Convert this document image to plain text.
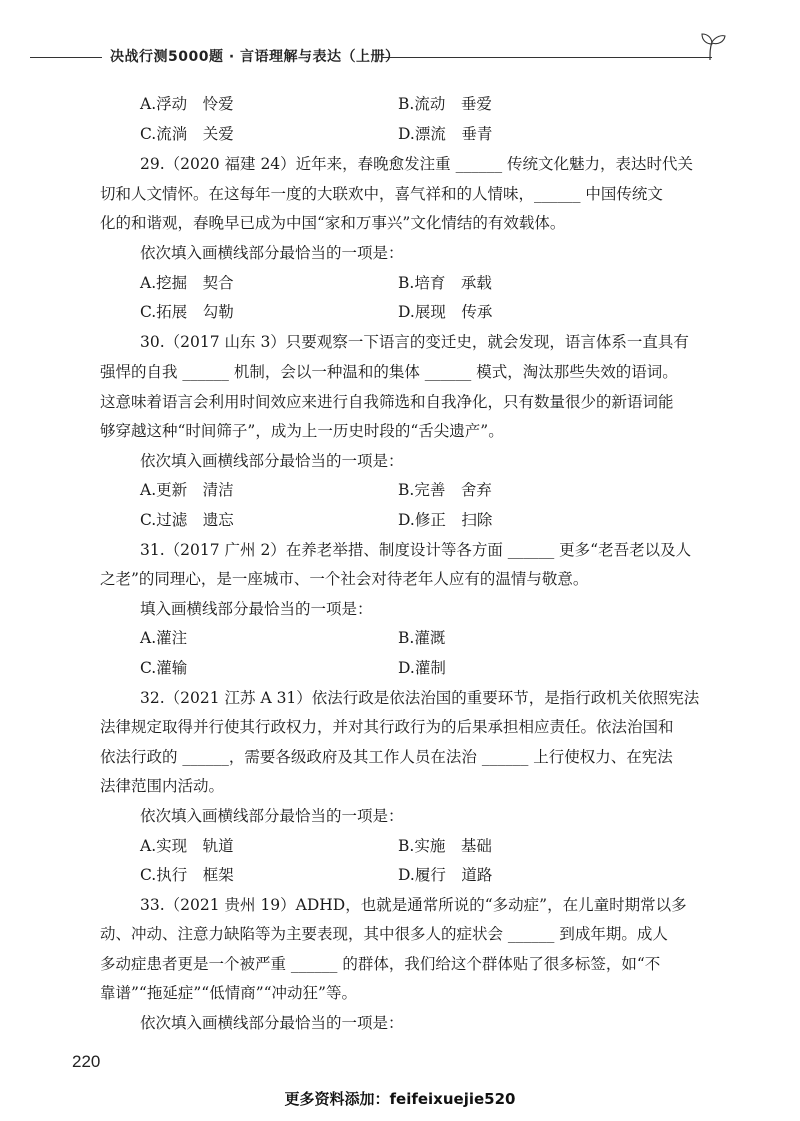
决战行测5000题 · 言语理解与表达（上册）
A.浮动　怜爱	B.流动　垂爱
C.流淌　关爱	D.漂流　垂青
29.（2020 福建 24）近年来，春晚愈发注重 ______ 传统文化魅力，表达时代关
切和人文情怀。在这每年一度的大联欢中，喜气祥和的人情味，______ 中国传统文
化的和谐观，春晚早已成为中国“家和万事兴”文化情结的有效载体。
依次填入画横线部分最恰当的一项是：
A.挖掘　契合	B.培育　承载
C.拓展　勾勒	D.展现　传承
30.（2017 山东 3）只要观察一下语言的变迁史，就会发现，语言体系一直具有
强悍的自我 ______ 机制，会以一种温和的集体 ______ 模式，淘汰那些失效的语词。
这意味着语言会利用时间效应来进行自我筛选和自我净化，只有数量很少的新语词能
够穿越这种“时间筛子”，成为上一历史时段的“舌尖遗产”。
依次填入画横线部分最恰当的一项是：
A.更新　清洁	B.完善　舍弃
C.过滤　遗忘	D.修正　扫除
31.（2017 广州 2）在养老举措、制度设计等各方面 ______ 更多“老吾老以及人
之老”的同理心，是一座城市、一个社会对待老年人应有的温情与敬意。
填入画横线部分最恰当的一项是：
A.灌注	B.灌溉
C.灌输	D.灌制
32.（2021 江苏 A 31）依法行政是依法治国的重要环节，是指行政机关依照宪法
法律规定取得并行使其行政权力，并对其行政行为的后果承担相应责任。依法治国和
依法行政的 ______，需要各级政府及其工作人员在法治 ______ 上行使权力、在宪法
法律范围内活动。
依次填入画横线部分最恰当的一项是：
A.实现　轨道	B.实施　基础
C.执行　框架	D.履行　道路
33.（2021 贵州 19）ADHD，也就是通常所说的“多动症”，在儿童时期常以多
动、冲动、注意力缺陷等为主要表现，其中很多人的症状会 ______ 到成年期。成人
多动症患者更是一个被严重 ______ 的群体，我们给这个群体贴了很多标签，如“不
靠谱”“拖延症”“低情商”“冲动狂”等。
依次填入画横线部分最恰当的一项是：
220
更多资料添加：feifeixuejie520
